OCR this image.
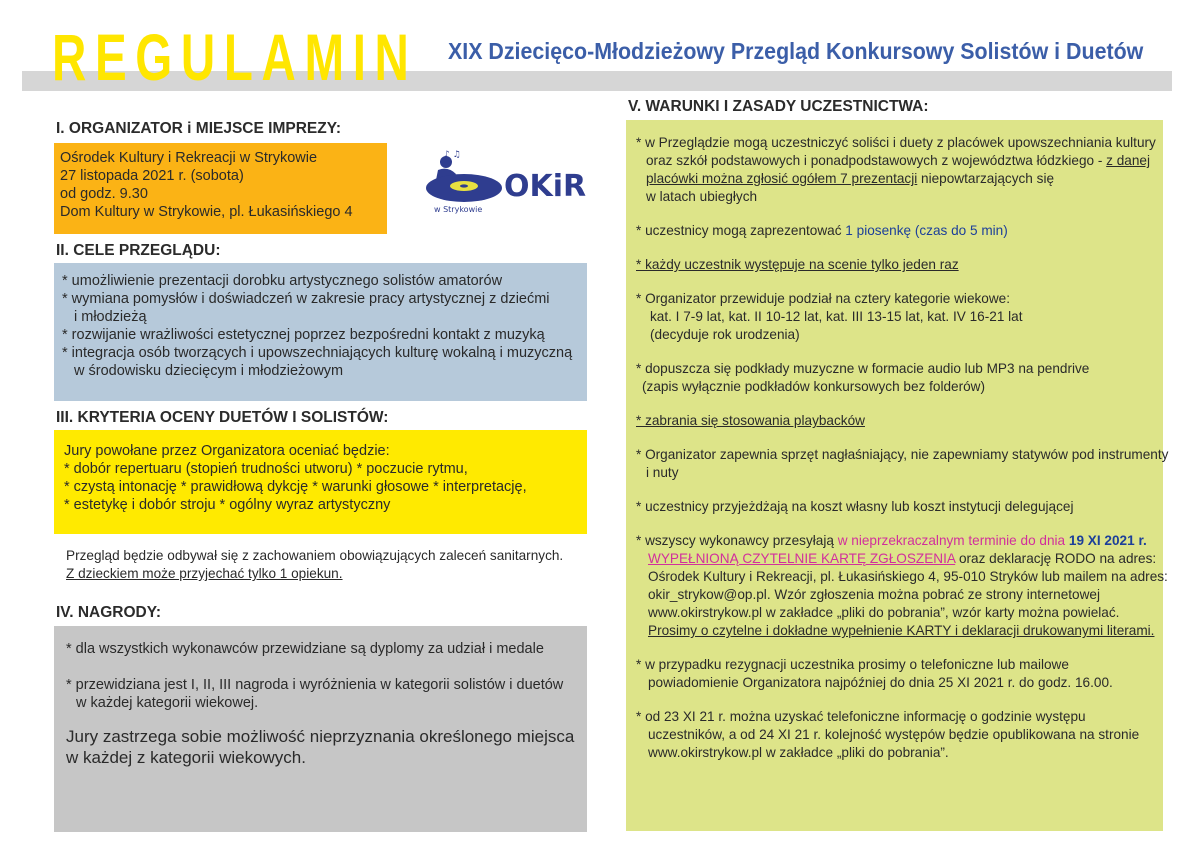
REGULAMIN XIX Dziecięco-Młodzieżowy Przegląd Konkursowy Solistów i Duetów
I. ORGANIZATOR i MIEJSCE IMPREZY:
Ośrodek Kultury i Rekreacji w Strykowie
27 listopada 2021 r. (sobota)
od godz. 9.30
Dom Kultury w Strykowie, pl. Łukasińskiego 4
♪ ♫
OKiR
w Strykowie
II. CELE PRZEGLĄDU:
* umożliwienie prezentacji dorobku artystycznego solistów amatorów
* wymiana pomysłów i doświadczeń w zakresie pracy artystycznej z dziećmi
i młodzieżą
* rozwijanie wrażliwości estetycznej poprzez bezpośredni kontakt z muzyką
* integracja osób tworzących i upowszechniających kulturę wokalną i muzyczną
w środowisku dziecięcym i młodzieżowym
III. KRYTERIA OCENY DUETÓW I SOLISTÓW:
Jury powołane przez Organizatora oceniać będzie:
* dobór repertuaru (stopień trudności utworu) * poczucie rytmu,
* czystą intonację * prawidłową dykcję * warunki głosowe * interpretację,
* estetykę i dobór stroju * ogólny wyraz artystyczny
Przegląd będzie odbywał się z zachowaniem obowiązujących zaleceń sanitarnych.
Z dzieckiem może przyjechać tylko 1 opiekun.
IV. NAGRODY:
* dla wszystkich wykonawców przewidziane są dyplomy za udział i medale
* przewidziana jest I, II, III nagroda i wyróżnienia w kategorii solistów i duetów
w każdej kategorii wiekowej.
Jury zastrzega sobie możliwość nieprzyznania określonego miejsca
w każdej z kategorii wiekowych.
V. WARUNKI I ZASADY UCZESTNICTWA:
* w Przeglądzie mogą uczestniczyć soliści i duety z placówek upowszechniania kultury
oraz szkół podstawowych i ponadpodstawowych z województwa łódzkiego - z danej
placówki można zgłosić ogółem 7 prezentacji niepowtarzających się
w latach ubiegłych
* uczestnicy mogą zaprezentować 1 piosenkę (czas do 5 min)
* każdy uczestnik występuje na scenie tylko jeden raz
* Organizator przewiduje podział na cztery kategorie wiekowe:
kat. I 7-9 lat, kat. II 10-12 lat, kat. III 13-15 lat, kat. IV 16-21 lat
(decyduje rok urodzenia)
* dopuszcza się podkłady muzyczne w formacie audio lub MP3 na pendrive
(zapis wyłącznie podkładów konkursowych bez folderów)
* zabrania się stosowania playbacków
* Organizator zapewnia sprzęt nagłaśniający, nie zapewniamy statywów pod instrumenty
i nuty
* uczestnicy przyjeżdżają na koszt własny lub koszt instytucji delegującej
* wszyscy wykonawcy przesyłają w nieprzekraczalnym terminie do dnia 19 XI 2021 r.
WYPEŁNIONĄ CZYTELNIE KARTĘ ZGŁOSZENIA oraz deklarację RODO na adres:
Ośrodek Kultury i Rekreacji, pl. Łukasińskiego 4, 95-010 Stryków lub mailem na adres:
okir_strykow@op.pl. Wzór zgłoszenia można pobrać ze strony internetowej
www.okirstrykow.pl w zakładce „pliki do pobrania”, wzór karty można powielać.
Prosimy o czytelne i dokładne wypełnienie KARTY i deklaracji drukowanymi literami.
* w przypadku rezygnacji uczestnika prosimy o telefoniczne lub mailowe
powiadomienie Organizatora najpóźniej do dnia 25 XI 2021 r. do godz. 16.00.
* od 23 XI 21 r. można uzyskać telefoniczne informację o godzinie występu
uczestników, a od 24 XI 21 r. kolejność występów będzie opublikowana na stronie
www.okirstrykow.pl w zakładce „pliki do pobrania”.
